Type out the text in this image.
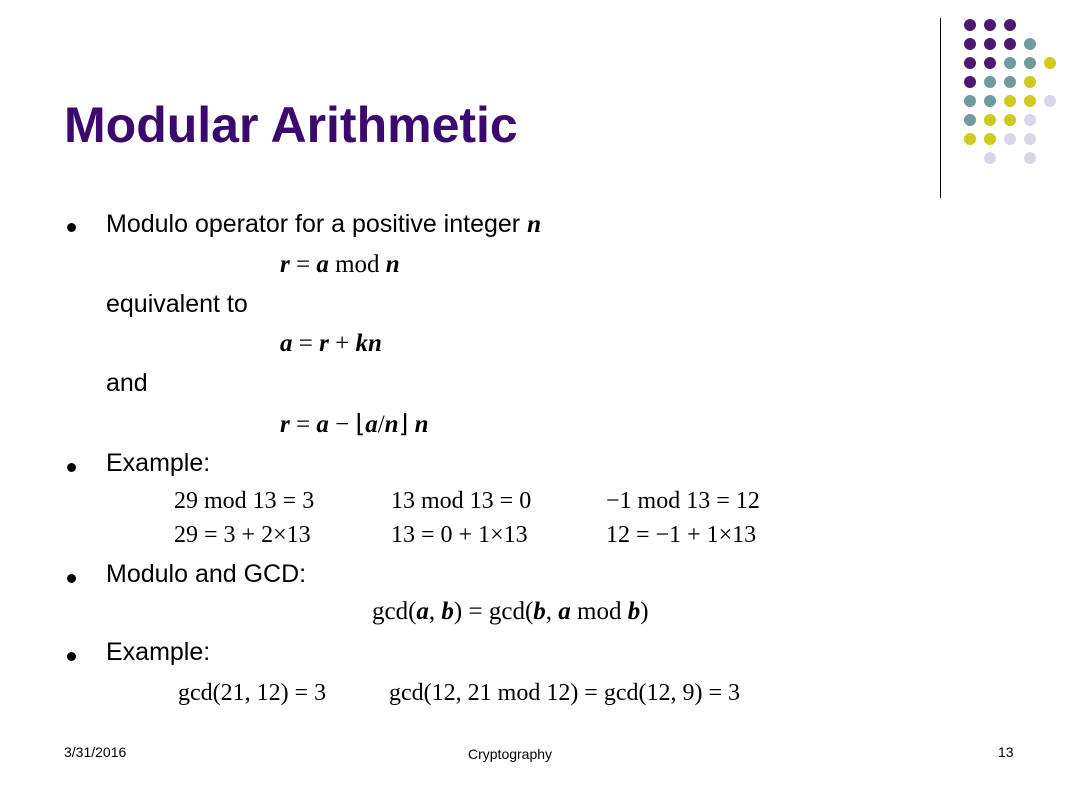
Modular Arithmetic
Modulo operator for a positive integer n
r = a mod n
equivalent to
a = r + kn
and
r = a − ⌊a/n⌋ n
Example:
29 mod 13 = 3	13 mod 13 = 0	−1 mod 13 = 12
29 = 3 + 2×13	13 = 0 + 1×13	12 = −1 + 1×13
Modulo and GCD:
gcd(a, b) = gcd(b, a mod b)
Example:
gcd(21, 12) = 3	gcd(12, 21 mod 12) = gcd(12, 9) = 3
3/31/2016	Cryptography	13
